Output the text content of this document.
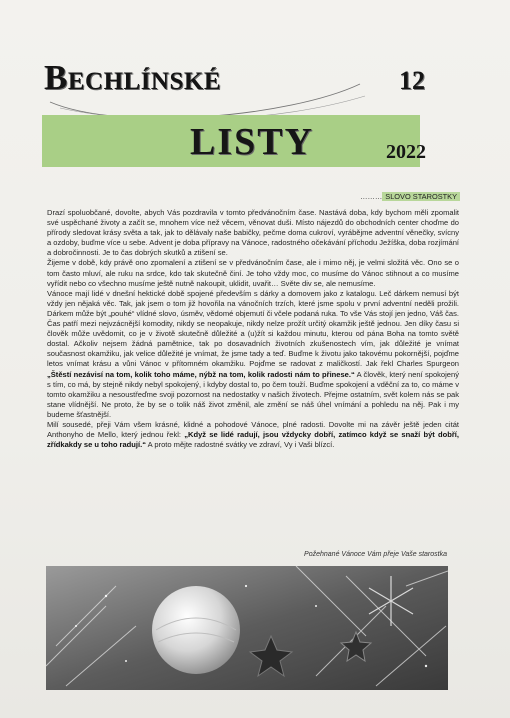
Bechlínské	12
LISTY	2022
……… SLOVO STAROSTKY

Drazí spoluobčané, dovolte, abych Vás pozdravila v tomto předvánočním čase. Nastává doba, kdy bychom měli zpomalit své uspěchané životy a začít se, mnohem více než věcem, věnovat duši. Místo nájezdů do obchodních center choďme do přírody sledovat krásy světa a tak, jak to dělávaly naše babičky, pečme doma cukroví, vyrábějme adventní věnečky, svícny a ozdoby, buďme více u sebe. Advent je doba přípravy na Vánoce, radostného očekávání příchodu Ježíška, doba rozjímání a dobročinnosti. Je to čas dobrých skutků a ztišení se.

Žijeme v době, kdy právě ono zpomalení a ztišení se v předvánočním čase, ale i mimo něj, je velmi složitá věc. Ono se o tom často mluví, ale ruku na srdce, kdo tak skutečně činí. Je toho vždy moc, co musíme do Vánoc stihnout a co musíme vyřídit nebo co všechno musíme ještě nutně nakoupit, uklidit, uvařit… Světe div se, ale nemusíme.

Vánoce mají lidé v dnešní hektické době spojené především s dárky a domovem jako z katalogu. Leč dárkem nemusí být vždy jen nějaká věc. Tak, jak jsem o tom již hovořila na vánočních trzích, které jsme spolu v první adventní neděli prožili. Dárkem může být „pouhé“ vlídné slovo, úsměv, vědomé objemutí či včele podaná ruka. To vše Vás stojí jen jedno, Váš čas. Čas patří mezi nejvzácnější komodity, nikdy se neopakuje, nikdy nelze prožít určitý okamžik ještě jednou. Jen díky času si člověk může uvědomit, co je v životě skutečně důležité a (u)žít si každou minutu, kterou od pána Boha na tomto světě dostal. Ačkoliv nejsem žádná pamětnice, tak po dosavadních životních zkušenostech vím, jak důležité je vnímat současnost okamžiku, jak velice důležité je vnímat, že jsme tady a teď. Buďme k životu jako takovému pokornější, pojďme letos vnímat krásu a vůni Vánoc v přítomném okamžiku. Pojďme se radovat z maličkostí. Jak řekl Charles Spurgeon „Štěstí nezávisí na tom, kolik toho máme, nýbž na tom, kolik radosti nám to přinese.“ A člověk, který není spokojený s tím, co má, by stejně nikdy nebyl spokojený, i kdyby dostal to, po čem touží. Buďme spokojení a vděční za to, co máme v tomto okamžiku a nesoustřeďme svoji pozornost na nedostatky v našich životech. Přejme ostatním, svět kolem nás se pak stane vlídnější. Ne proto, že by se o tolik náš život změnil, ale změní se náš úhel vnímání a pohledu na něj. Pak i my budeme šťastnější.

Milí sousedé, přeji Vám všem krásné, klidné a pohodové Vánoce, plné radosti. Dovolte mi na závěr ještě jeden citát Anthonyho de Mello, který jednou řekl: „Když se lidé radují, jsou vždycky dobří, zatímco když se snaží být dobří, zřídkakdy se u toho radují.“ A proto mějte radostné svátky ve zdraví, Vy i Vaši blízcí.

Požehnané Vánoce Vám přeje Vaše starostka
